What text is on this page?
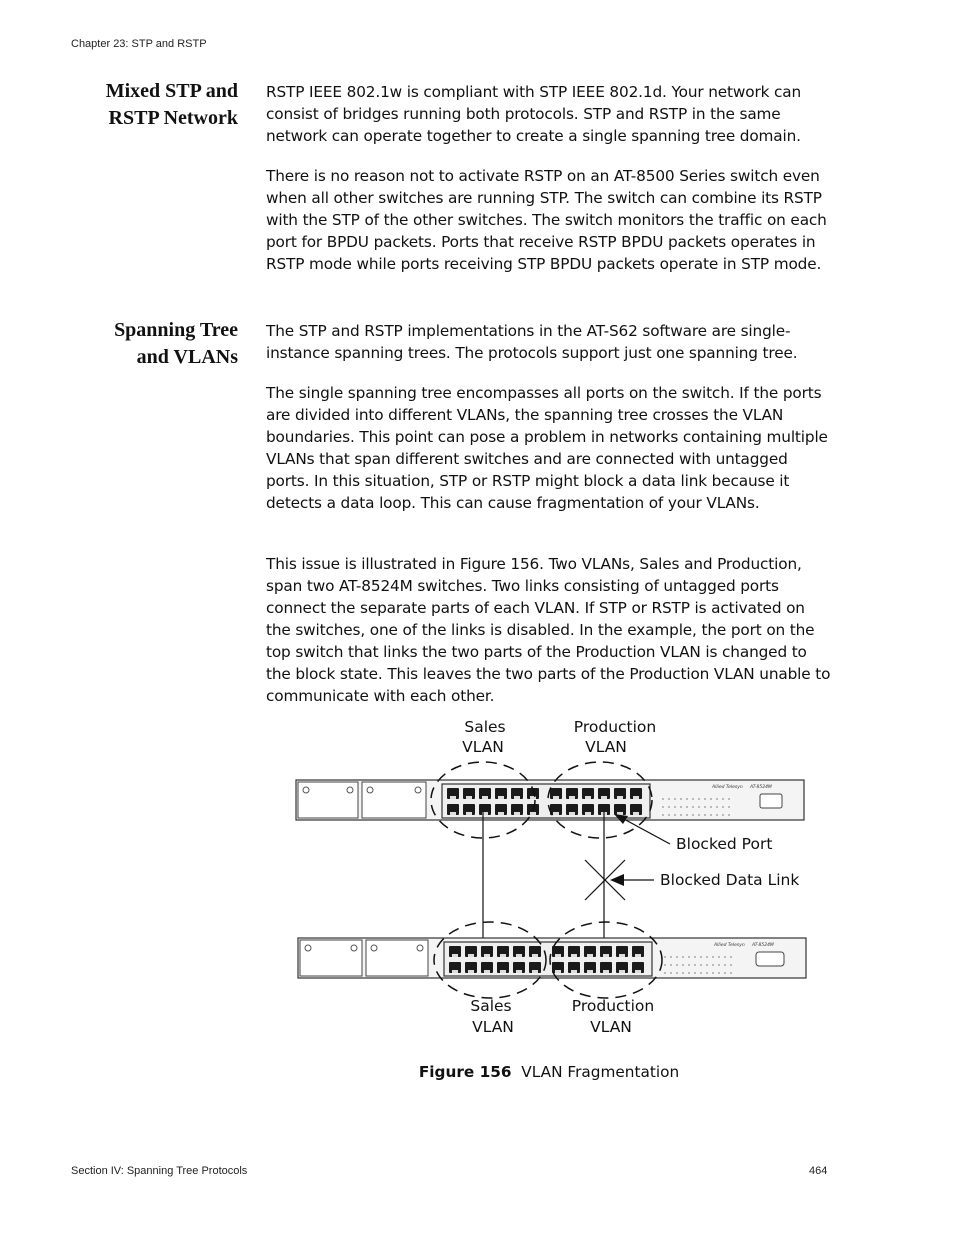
Chapter 23: STP and RSTP
Mixed STP and
RSTP Network
RSTP IEEE 802.1w is compliant with STP IEEE 802.1d. Your network can consist of bridges running both protocols. STP and RSTP in the same network can operate together to create a single spanning tree domain.
There is no reason not to activate RSTP on an AT-8500 Series switch even when all other switches are running STP. The switch can combine its RSTP with the STP of the other switches. The switch monitors the traffic on each port for BPDU packets. Ports that receive RSTP BPDU packets operates in RSTP mode while ports receiving STP BPDU packets operate in STP mode.
Spanning Tree
and VLANs
The STP and RSTP implementations in the AT-S62 software are single-instance spanning trees. The protocols support just one spanning tree.
The single spanning tree encompasses all ports on the switch. If the ports are divided into different VLANs, the spanning tree crosses the VLAN boundaries. This point can pose a problem in networks containing multiple VLANs that span different switches and are connected with untagged ports. In this situation, STP or RSTP might block a data link because it detects a data loop. This can cause fragmentation of your VLANs.
This issue is illustrated in Figure 156. Two VLANs, Sales and Production, span two AT-8524M switches. Two links consisting of untagged ports connect the separate parts of each VLAN. If STP or RSTP is activated on the switches, one of the links is disabled. In the example, the port on the top switch that links the two parts of the Production VLAN is changed to the block state. This leaves the two parts of the Production VLAN unable to communicate with each other.
Sales
VLAN
Production
VLAN
Allied Telesyn AT-8524M
Blocked Port
Blocked Data Link
Allied Telesyn AT-8524M
Sales
VLAN
Production
VLAN
Figure 156 VLAN Fragmentation
Section IV: Spanning Tree Protocols	464
